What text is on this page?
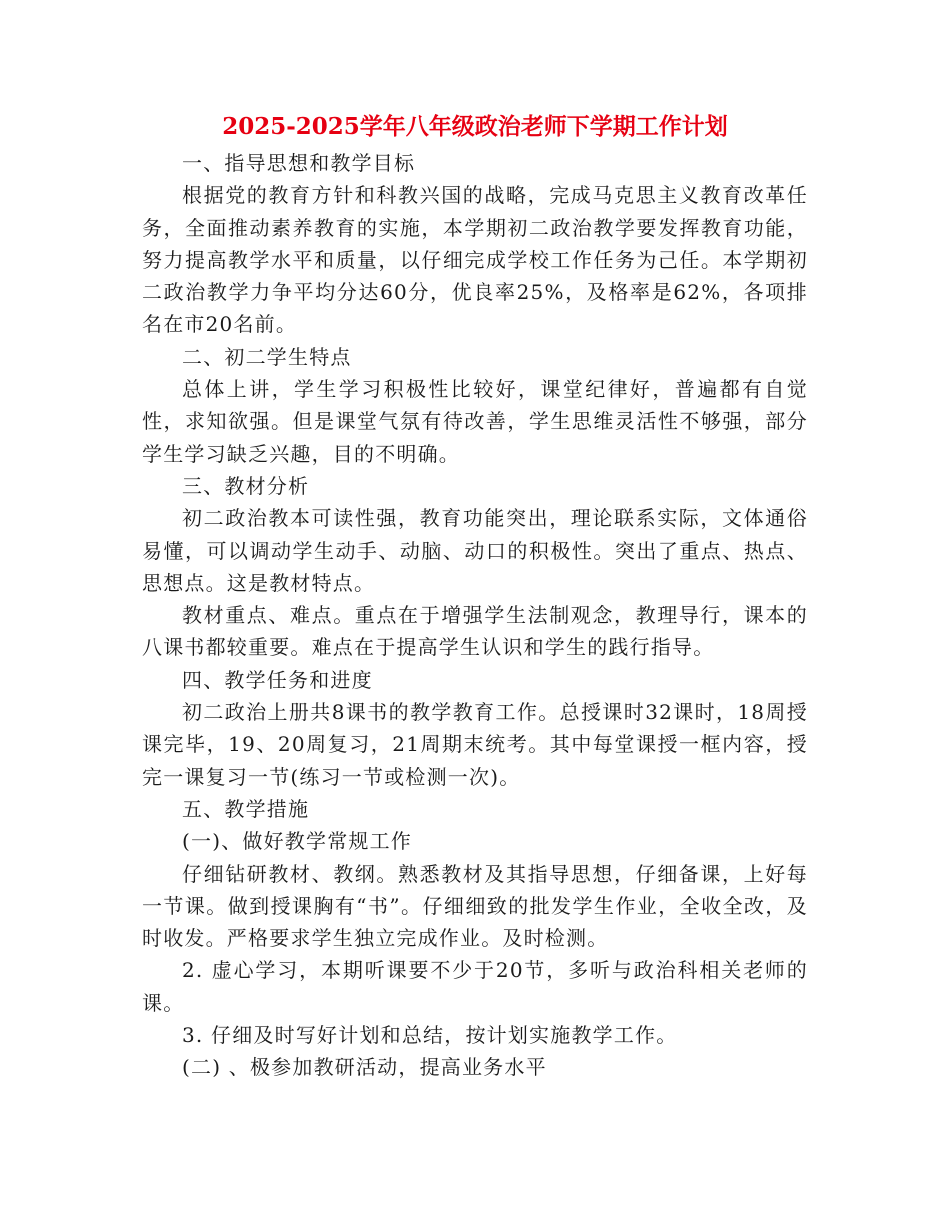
2025-2025学年八年级政治老师下学期工作计划

一、指导思想和教学目标

根据党的教育方针和科教兴国的战略，完成马克思主义教育改革任务，全面推动素养教育的实施，本学期初二政治教学要发挥教育功能，努力提高教学水平和质量，以仔细完成学校工作任务为己任。本学期初二政治教学力争平均分达60分，优良率25%，及格率是62%，各项排名在市20名前。

二、初二学生特点

总体上讲，学生学习积极性比较好，课堂纪律好，普遍都有自觉性，求知欲强。但是课堂气氛有待改善，学生思维灵活性不够强，部分学生学习缺乏兴趣，目的不明确。

三、教材分析

初二政治教本可读性强，教育功能突出，理论联系实际，文体通俗易懂，可以调动学生动手、动脑、动口的积极性。突出了重点、热点、思想点。这是教材特点。

教材重点、难点。重点在于增强学生法制观念，教理导行，课本的八课书都较重要。难点在于提高学生认识和学生的践行指导。

四、教学任务和进度

初二政治上册共8课书的教学教育工作。总授课时32课时，18周授课完毕，19、20周复习，21周期末统考。其中每堂课授一框内容，授完一课复习一节(练习一节或检测一次)。

五、教学措施

(一)、做好教学常规工作

仔细钻研教材、教纲。熟悉教材及其指导思想，仔细备课，上好每一节课。做到授课胸有“书”。仔细细致的批发学生作业，全收全改，及时收发。严格要求学生独立完成作业。及时检测。

2. 虚心学习，本期听课要不少于20节，多听与政治科相关老师的课。

3. 仔细及时写好计划和总结，按计划实施教学工作。

(二) 、极参加教研活动，提高业务水平
